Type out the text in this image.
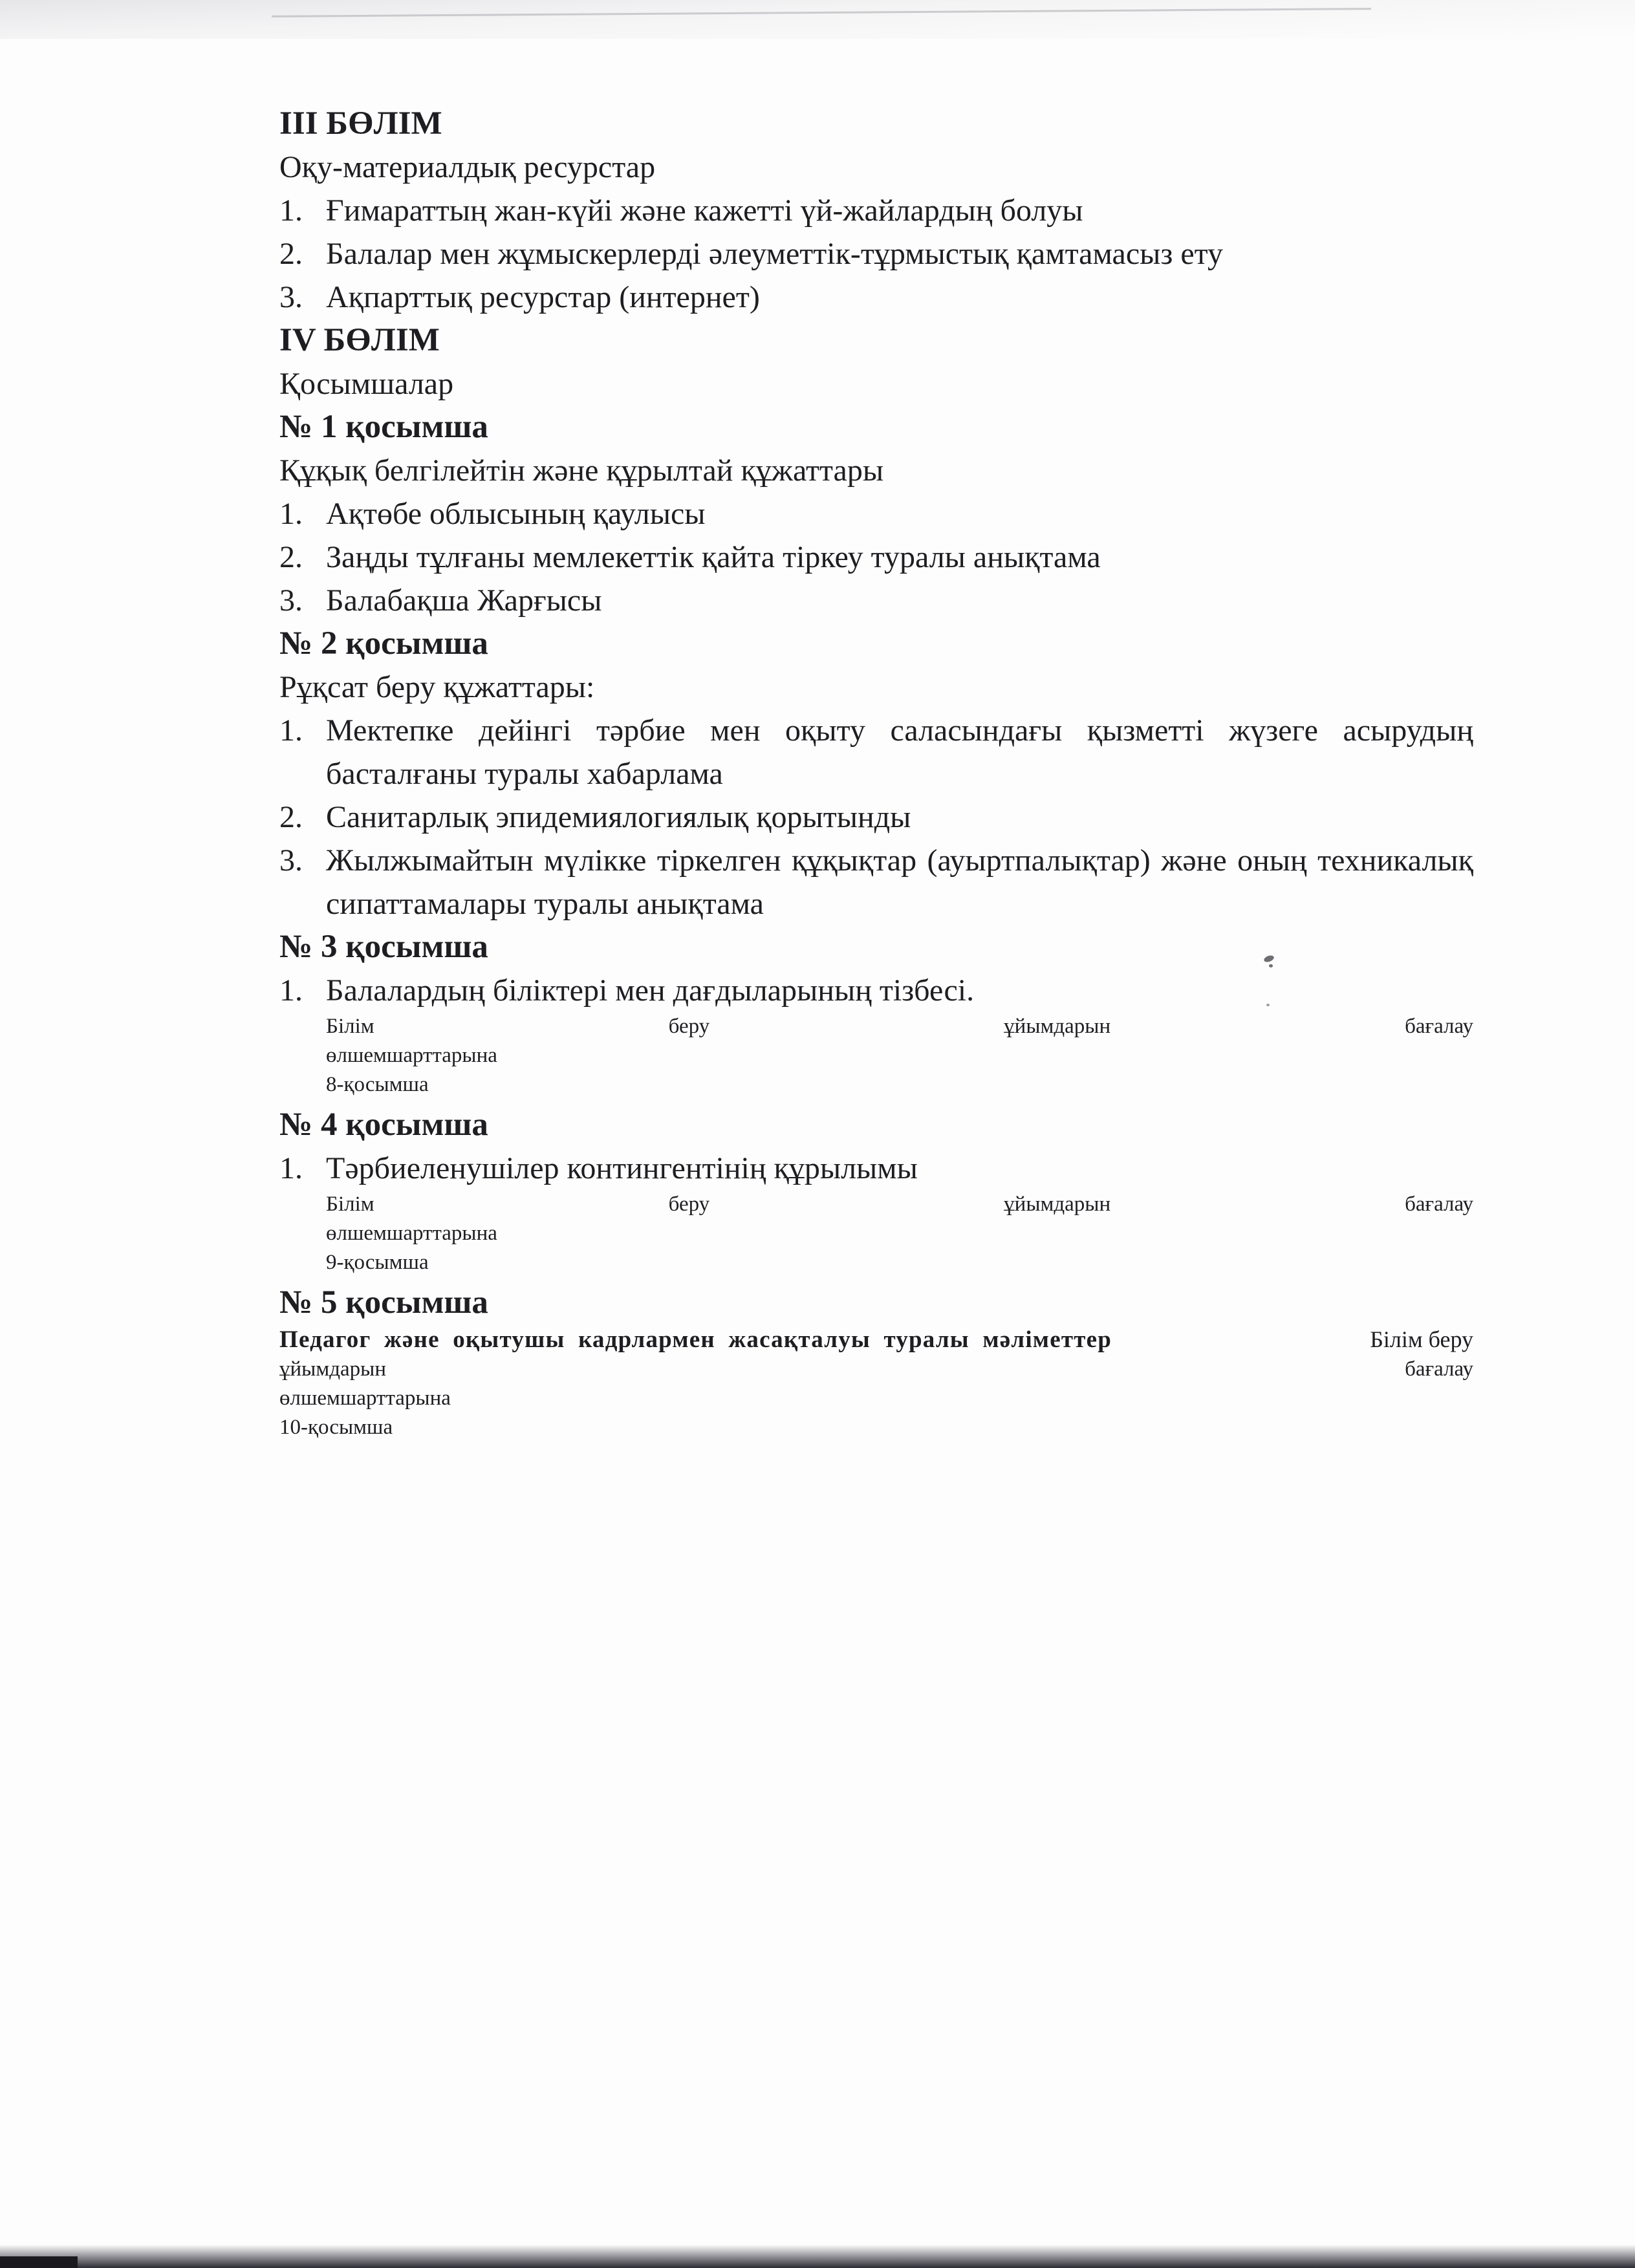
III БӨЛІМ
Оқу-материалдық ресурстар
1. Ғимараттың жан-күйі және кажетті үй-жайлардың болуы
2. Балалар мен жұмыскерлерді әлеуметтік-тұрмыстық қамтамасыз ету
3. Ақпарттық ресурстар (интернет)
IV БӨЛІМ
Қосымшалар
№ 1 қосымша
Құқық белгілейтін және құрылтай құжаттары
1. Ақтөбе облысының қаулысы
2. Заңды тұлғаны мемлекеттік қайта тіркеу туралы анықтама
3. Балабақша Жарғысы
№ 2 қосымша
Рұқсат беру құжаттары:
1. Мектепке дейінгі тәрбие мен оқыту саласындағы қызметті жүзеге асырудың басталғаны туралы хабарлама
2. Санитарлық эпидемиялогиялық қорытынды
3. Жылжымайтын мүлікке тіркелген құқықтар (ауыртпалықтар) және оның техникалық сипаттамалары туралы анықтама
№ 3 қосымша
1. Балалардың біліктері мен дағдыларының тізбесі.
Білім	беру	ұйымдарын	бағалау
өлшемшарттарына
8-қосымша
№ 4 қосымша
1. Тәрбиеленушілер контингентінің құрылымы
Білім	беру	ұйымдарын	бағалау
өлшемшарттарына
9-қосымша
№ 5 қосымша
Педагог және оқытушы кадрлармен жасақталуы туралы мәліметтер	Білім беру
ұйымдарын	бағалау
өлшемшарттарына
10-қосымша
